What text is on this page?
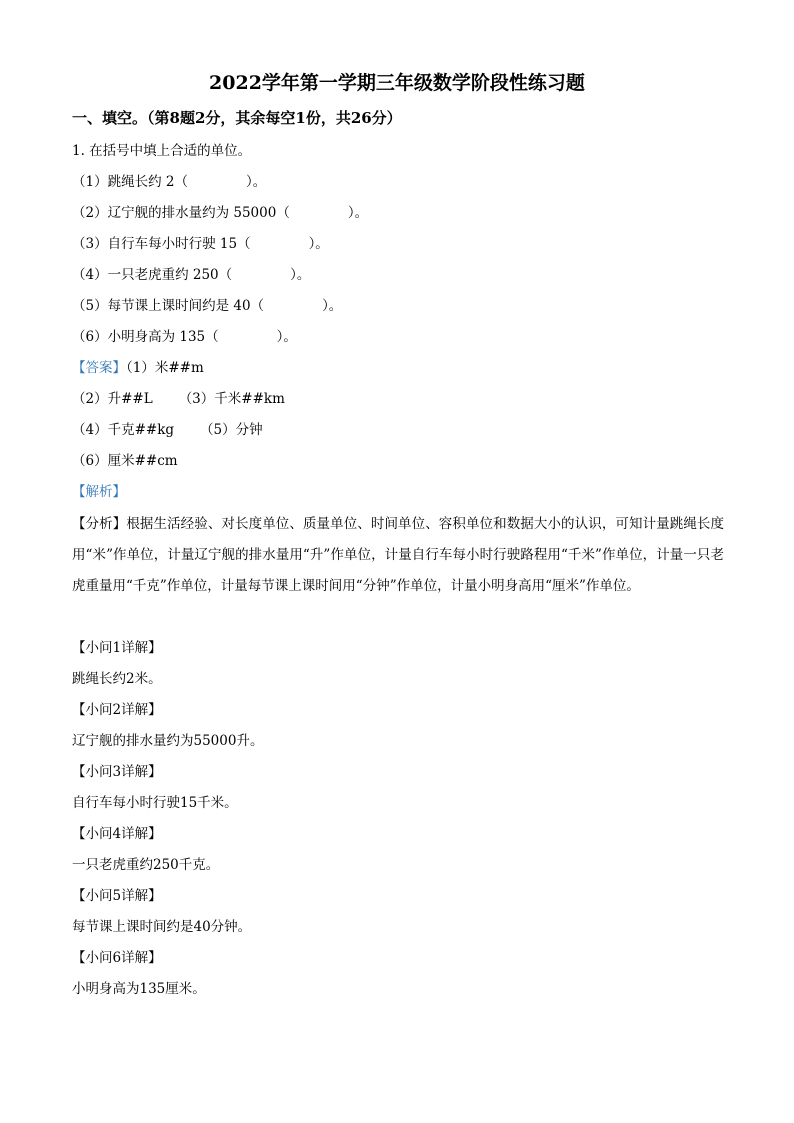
2022学年第一学期三年级数学阶段性练习题
一、填空。（第8题2分，其余每空1份，共26分）
1. 在括号中填上合适的单位。
（1）跳绳长约 2（	）。
（2）辽宁舰的排水量约为 55000（	）。
（3）自行车每小时行驶 15（	）。
（4）一只老虎重约 250（	）。
（5）每节课上课时间约是 40（	）。
（6）小明身高为 135（	）。
【答案】（1）米##m
（2）升##L （3）千米##km
（4）千克##kg （5）分钟
（6）厘米##cm
【解析】
【分析】根据生活经验、对长度单位、质量单位、时间单位、容积单位和数据大小的认识，可知计量跳绳长度用“米”作单位，计量辽宁舰的排水量用“升”作单位，计量自行车每小时行驶路程用“千米”作单位，计量一只老虎重量用“千克”作单位，计量每节课上课时间用“分钟”作单位，计量小明身高用“厘米”作单位。
【小问1详解】
跳绳长约2米。
【小问2详解】
辽宁舰的排水量约为55000升。
【小问3详解】
自行车每小时行驶15千米。
【小问4详解】
一只老虎重约250千克。
【小问5详解】
每节课上课时间约是40分钟。
【小问6详解】
小明身高为135厘米。
